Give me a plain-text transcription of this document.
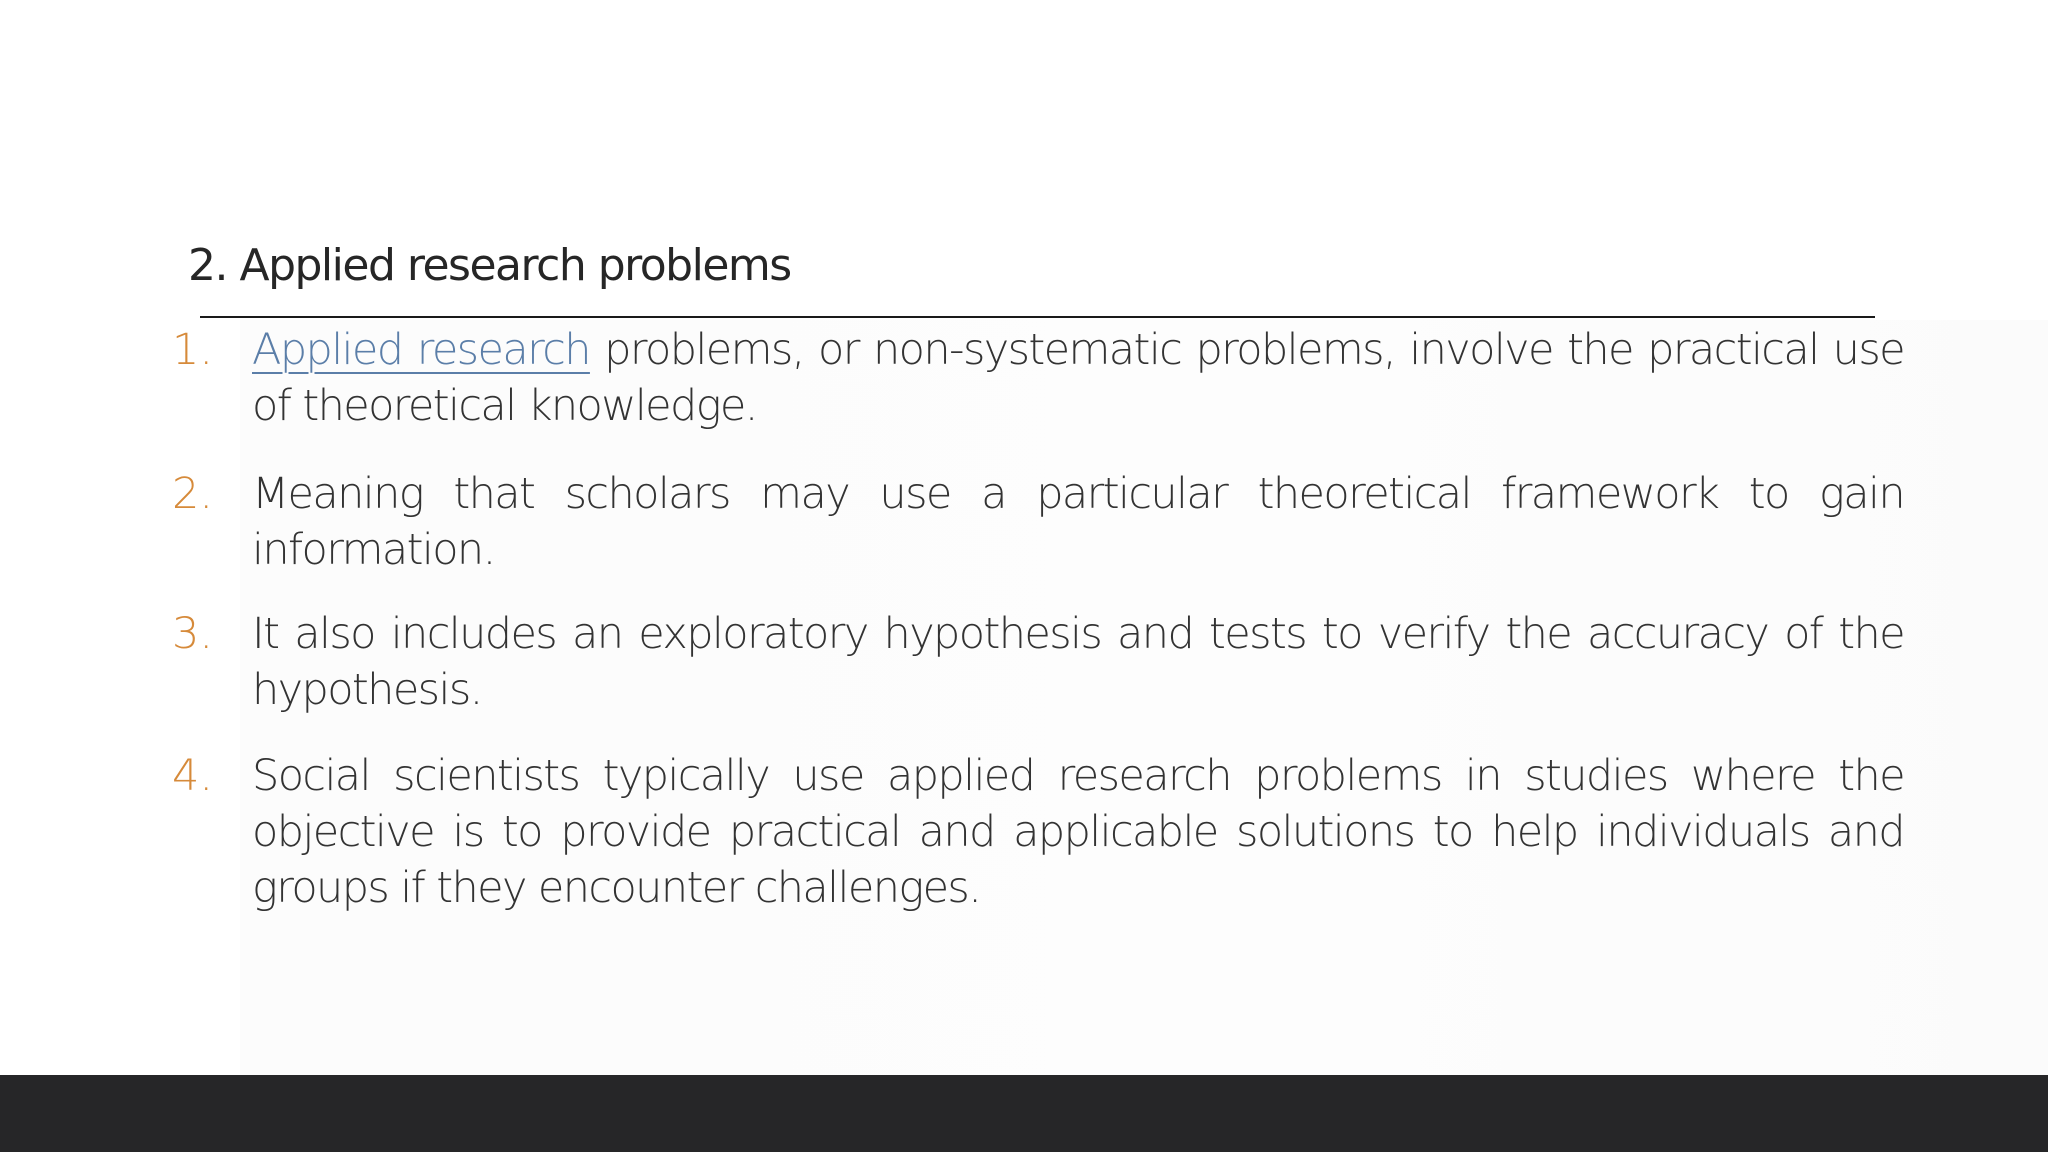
2. Applied research problems
1. Applied research problems, or non-systematic problems, involve the practical use of theoretical knowledge.
2. Meaning that scholars may use a particular theoretical framework to gain information.
3. It also includes an exploratory hypothesis and tests to verify the accuracy of the hypothesis.
4. Social scientists typically use applied research problems in studies where the objective is to provide practical and applicable solutions to help individuals and groups if they encounter challenges.
